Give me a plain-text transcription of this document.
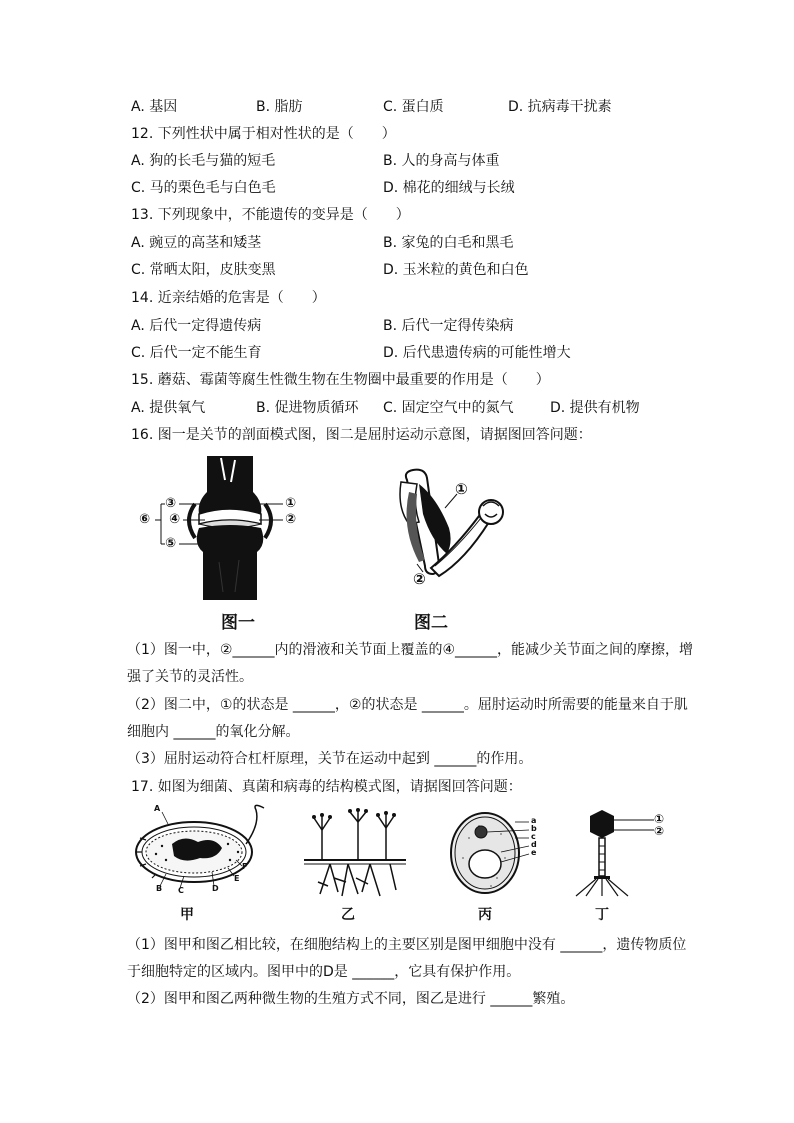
A. 基因	B. 脂肪	C. 蛋白质	D. 抗病毒干扰素
12. 下列性状中属于相对性状的是（　　）
A. 狗的长毛与猫的短毛	B. 人的身高与体重
C. 马的栗色毛与白色毛	D. 棉花的细绒与长绒
13. 下列现象中，不能遗传的变异是（　　）
A. 豌豆的高茎和矮茎	B. 家兔的白毛和黑毛
C. 常晒太阳，皮肤变黑	D. 玉米粒的黄色和白色
14. 近亲结婚的危害是（　　）
A. 后代一定得遗传病	B. 后代一定得传染病
C. 后代一定不能生育	D. 后代患遗传病的可能性增大
15. 蘑菇、霉菌等腐生性微生物在生物圈中最重要的作用是（　　）
A. 提供氧气	B. 促进物质循环 C. 固定空气中的氮气	D. 提供有机物
16. 图一是关节的剖面模式图，图二是屈肘运动示意图，请据图回答问题：
③
④
⑤
⑥
①
②
图一
①
②
图二
（1）图一中，②______内的滑液和关节面上覆盖的④______，能减少关节面之间的摩擦，增
强了关节的灵活性。
（2）图二中，①的状态是 ______，②的状态是 ______。屈肘运动时所需要的能量来自于肌
细胞内 ______的氧化分解。
（3）屈肘运动符合杠杆原理，关节在运动中起到 ______的作用。
17. 如图为细菌、真菌和病毒的结构模式图，请据图回答问题：
A
B C	D
E
F
甲	乙
a
b
c
d
e
丙
①
②
丁
（1）图甲和图乙相比较，在细胞结构上的主要区别是图甲细胞中没有 ______，遗传物质位
于细胞特定的区域内。图甲中的D是 ______，它具有保护作用。
（2）图甲和图乙两种微生物的生殖方式不同，图乙是进行 ______繁殖。
